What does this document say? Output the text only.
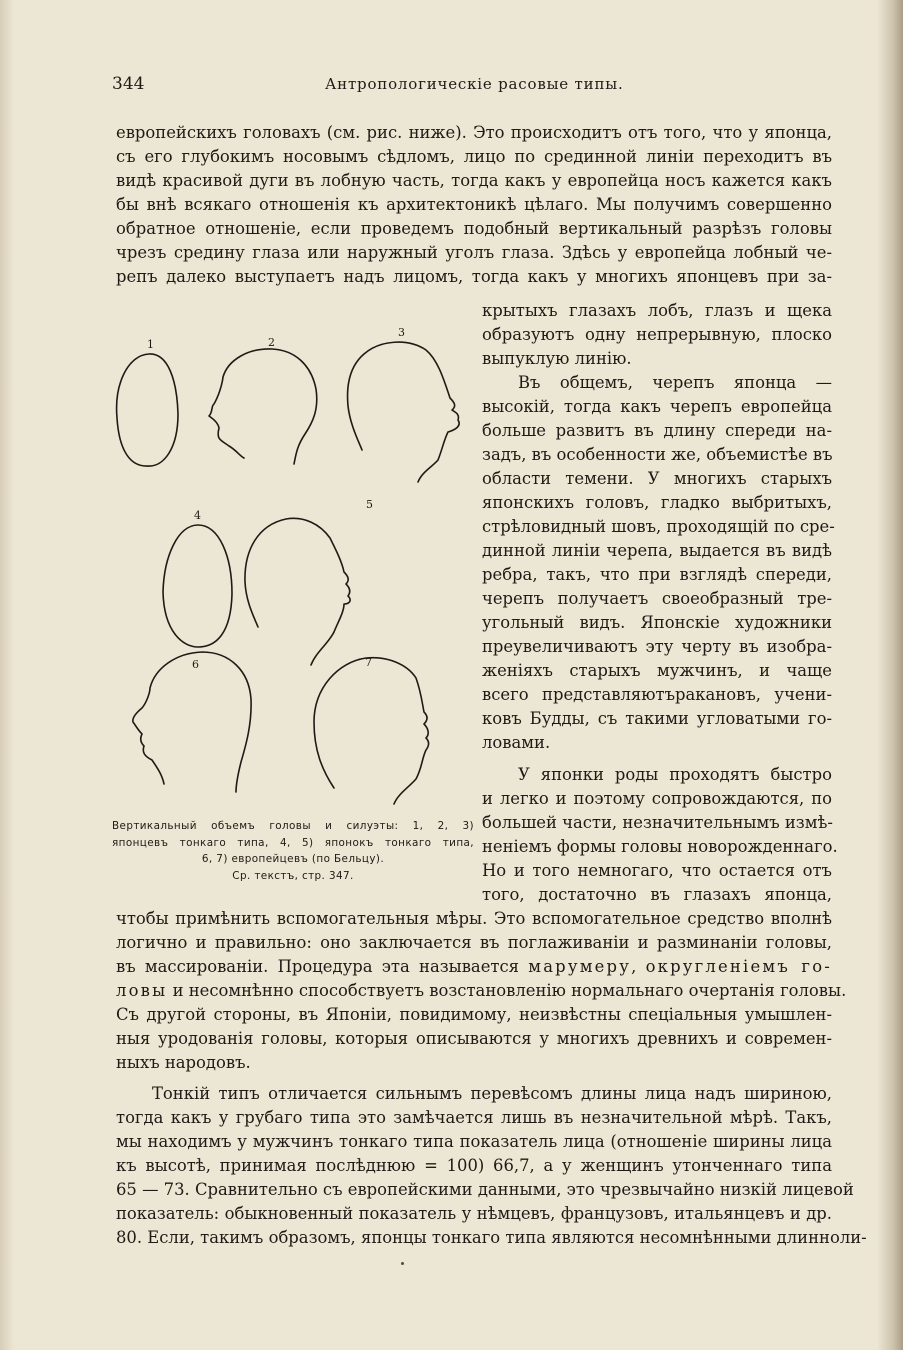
344	Антропологическіе расовые типы.
европейскихъ головахъ (см. рис. ниже). Это происходитъ отъ того, что у японца,
съ его глубокимъ носовымъ сѣдломъ, лицо по срединной линіи переходитъ въ
видѣ красивой дуги въ лобную часть, тогда какъ у европейца носъ кажется какъ
бы внѣ всякаго отношенія къ архитектоникѣ цѣлаго. Мы получимъ совершенно
обратное отношеніе, если проведемъ подобный вертикальный разрѣзъ головы
чрезъ средину глаза или наружный уголъ глаза. Здѣсь у европейца лобный че-
репъ далеко выступаетъ надъ лицомъ, тогда какъ у многихъ японцевъ при за-
крытыхъ глазахъ лобъ, глазъ и щека
образуютъ одну непрерывную, плоско
выпуклую линію.
Въ общемъ, черепъ японца —
высокій, тогда какъ черепъ европейца
больше развитъ въ длину спереди на-
задъ, въ особенности же, объемистѣе въ
области темени. У многихъ старыхъ
японскихъ головъ, гладко выбритыхъ,
стрѣловидный шовъ, проходящій по сре-
динной линіи черепа, выдается въ видѣ
ребра, такъ, что при взглядѣ спереди,
черепъ получаетъ своеобразный тре-
угольный видъ. Японскіе художники
преувеличиваютъ эту черту въ изобра-
женіяхъ старыхъ мужчинъ, и чаще
всего представляютъракановъ, учени-
ковъ Будды, съ такими угловатыми го-
ловами.
У японки роды проходятъ быстро
и легко и поэтому сопровождаются, по
большей части, незначительнымъ измѣ-
неніемъ формы головы новорожденнаго.
Но и того немногаго, что остается отъ
того, достаточно въ глазахъ японца,
чтобы примѣнить вспомогательныя мѣры. Это вспомогательное средство вполнѣ
логично и правильно: оно заключается въ поглаживаніи и разминаніи головы,
въ массированіи. Процедура эта называется марумеру, округленіемъ го-
ловы и несомнѣнно способствуетъ возстановленію нормальнаго очертанія головы.
Съ другой стороны, въ Японіи, повидимому, неизвѣстны спеціальныя умышлен-
ныя уродованія головы, которыя описываются у многихъ древнихъ и современ-
ныхъ народовъ.
Тонкій типъ отличается сильнымъ перевѣсомъ длины лица надъ шириною,
тогда какъ у грубаго типа это замѣчается лишь въ незначительной мѣрѣ. Такъ,
мы находимъ у мужчинъ тонкаго типа показатель лица (отношеніе ширины лица
къ высотѣ, принимая послѣднюю = 100) 66,7, а у женщинъ утонченнаго типа
65 — 73. Сравнительно съ европейскими данными, это чрезвычайно низкій лицевой
показатель: обыкновенный показатель у нѣмцевъ, французовъ, итальянцевъ и др.
80. Если, такимъ образомъ, японцы тонкаго типа являются несомнѣнными длинноли-
1	2
3
4
5
6	7
Вертикальный объемъ головы и силуэты: 1, 2, 3)
японцевъ тонкаго типа, 4, 5) японокъ тонкаго типа,
6, 7) европейцевъ (по Бельцу).
Ср. текстъ, стр. 347.
